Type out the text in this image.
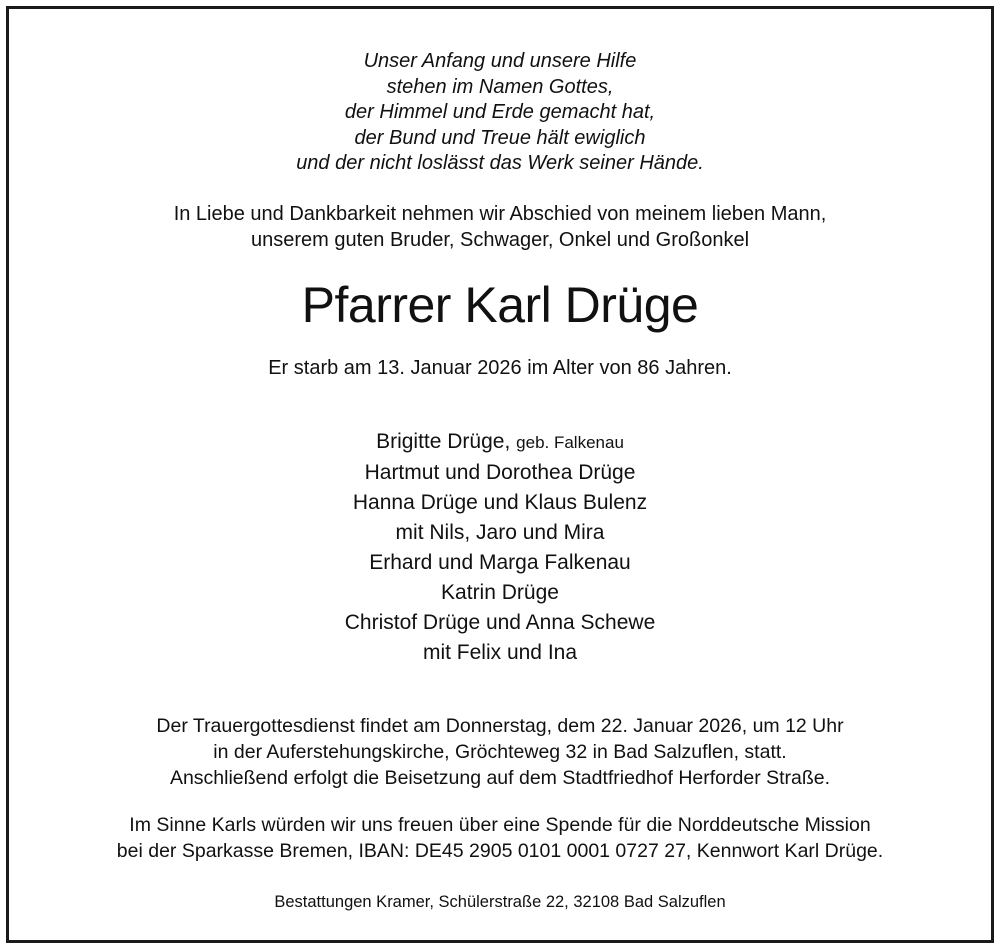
Unser Anfang und unsere Hilfe
stehen im Namen Gottes,
der Himmel und Erde gemacht hat,
der Bund und Treue hält ewiglich
und der nicht loslässt das Werk seiner Hände.
In Liebe und Dankbarkeit nehmen wir Abschied von meinem lieben Mann,
unserem guten Bruder, Schwager, Onkel und Großonkel
Pfarrer Karl Drüge
Er starb am 13. Januar 2026 im Alter von 86 Jahren.
Brigitte Drüge, geb. Falkenau
Hartmut und Dorothea Drüge
Hanna Drüge und Klaus Bulenz
mit Nils, Jaro und Mira
Erhard und Marga Falkenau
Katrin Drüge
Christof Drüge und Anna Schewe
mit Felix und Ina
Der Trauergottesdienst findet am Donnerstag, dem 22. Januar 2026, um 12 Uhr
in der Auferstehungskirche, Gröchteweg 32 in Bad Salzuflen, statt.
Anschließend erfolgt die Beisetzung auf dem Stadtfriedhof Herforder Straße.
Im Sinne Karls würden wir uns freuen über eine Spende für die Norddeutsche Mission
bei der Sparkasse Bremen, IBAN: DE45 2905 0101 0001 0727 27, Kennwort Karl Drüge.
Bestattungen Kramer, Schülerstraße 22, 32108 Bad Salzuflen
